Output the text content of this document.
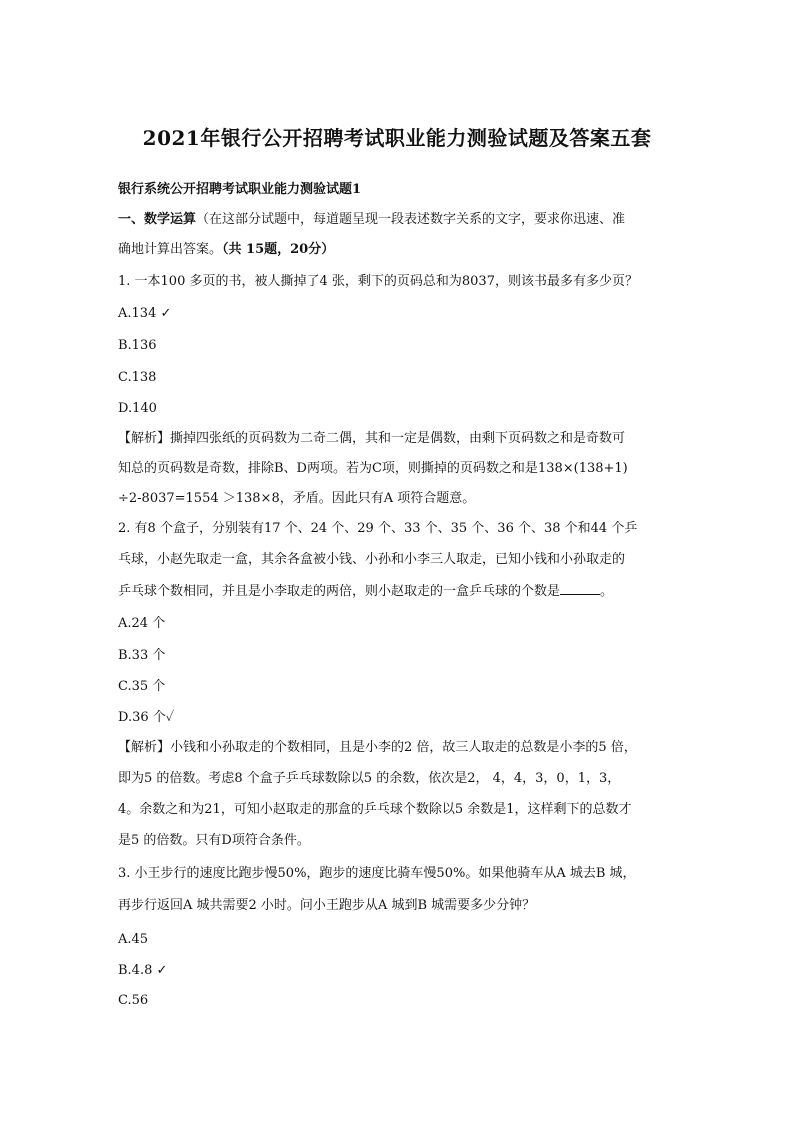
2021年银行公开招聘考试职业能力测验试题及答案五套
银行系统公开招聘考试职业能力测验试题1
一、数学运算（在这部分试题中，每道题呈现一段表述数字关系的文字，要求你迅速、准
确地计算出答案。（共 15题，20分）
1. 一本100 多页的书，被人撕掉了4 张，剩下的页码总和为8037，则该书最多有多少页？
A.134 ✓
B.136
C.138
D.140
【解析】撕掉四张纸的页码数为二奇二偶，其和一定是偶数，由剩下页码数之和是奇数可
知总的页码数是奇数，排除B、D两项。若为C项，则撕掉的页码数之和是138×(138+1)
÷2-8037=1554 ＞138×8，矛盾。因此只有A 项符合题意。
2. 有8 个盒子，分别装有17 个、24 个、29 个、33 个、35 个、36 个、38 个和44 个乒
乓球，小赵先取走一盒，其余各盒被小钱、小孙和小李三人取走，已知小钱和小孙取走的
乒乓球个数相同，并且是小李取走的两倍，则小赵取走的一盒乒乓球的个数是	。
A.24 个
B.33 个
C.35 个
D.36 个✓
【解析】小钱和小孙取走的个数相同，且是小李的2 倍，故三人取走的总数是小李的5 倍，
即为5 的倍数。考虑8 个盒子乒乓球数除以5 的余数，依次是2， 4，4，3，0，1，3，
4。余数之和为21，可知小赵取走的那盒的乒乓球个数除以5 余数是1，这样剩下的总数才
是5 的倍数。只有D项符合条件。
3. 小王步行的速度比跑步慢50%，跑步的速度比骑车慢50%。如果他骑车从A 城去B 城，
再步行返回A 城共需要2 小时。问小王跑步从A 城到B 城需要多少分钟？
A.45
B.4.8 ✓
C.56
